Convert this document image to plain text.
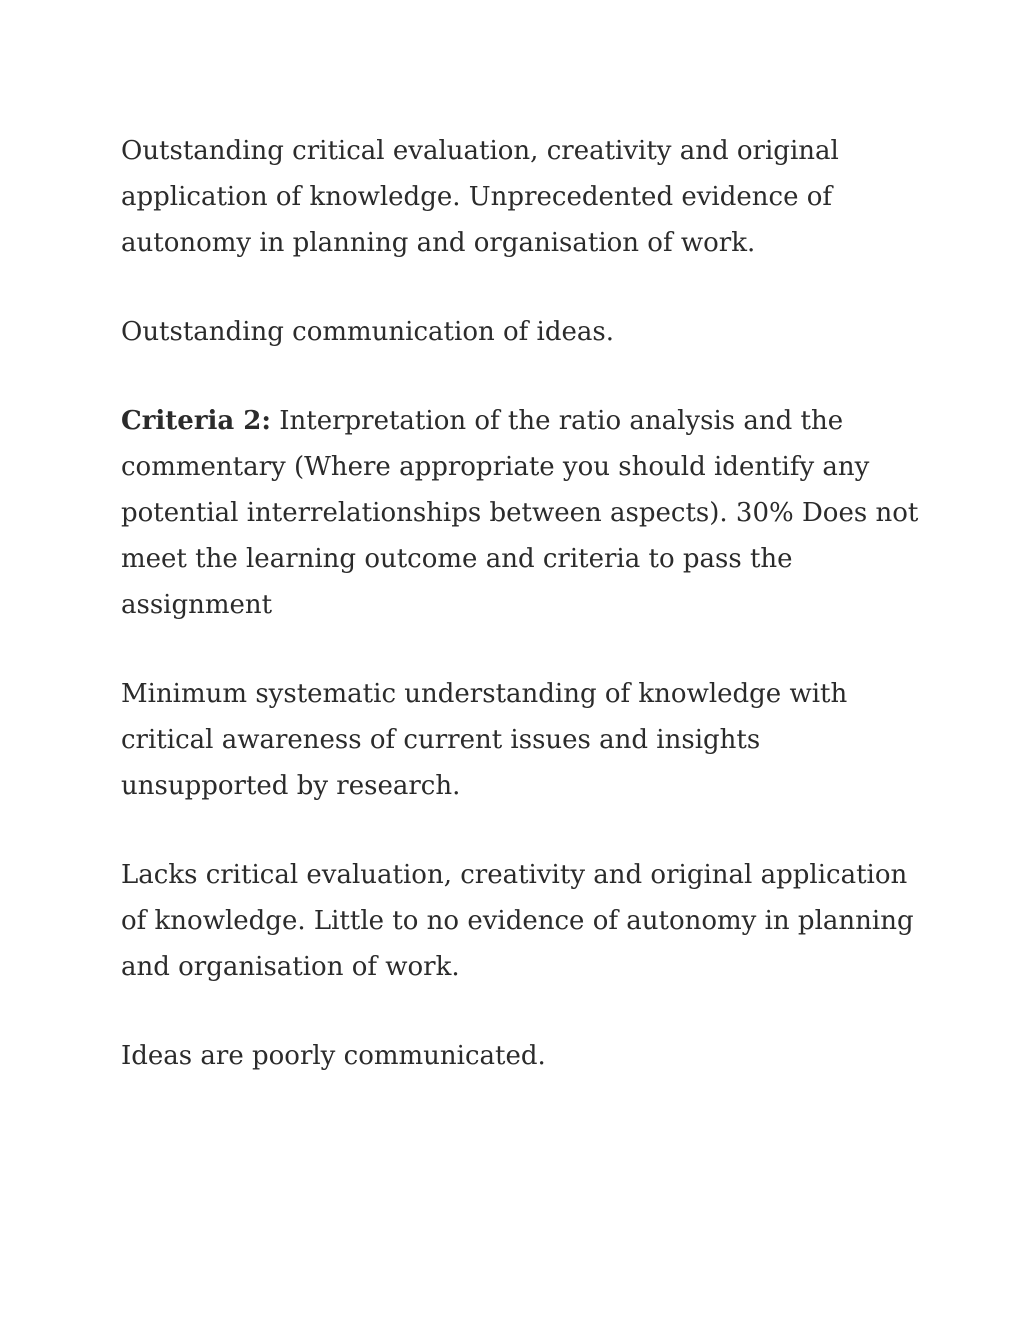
Outstanding critical evaluation, creativity and original application of knowledge. Unprecedented evidence of autonomy in planning and organisation of work.

Outstanding communication of ideas.

Criteria 2: Interpretation of the ratio analysis and the commentary (Where appropriate you should identify any potential interrelationships between aspects). 30% Does not meet the learning outcome and criteria to pass the assignment

Minimum systematic understanding of knowledge with critical awareness of current issues and insights unsupported by research.

Lacks critical evaluation, creativity and original application of knowledge. Little to no evidence of autonomy in planning and organisation of work.

Ideas are poorly communicated.
